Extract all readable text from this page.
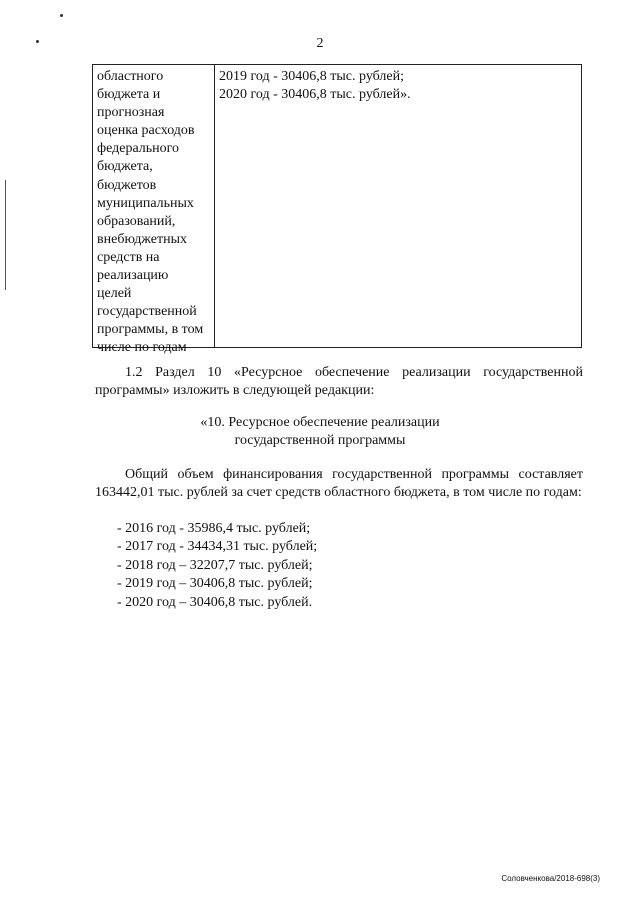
2
областного
бюджета и
прогнозная
оценка расходов
федерального
бюджета,
бюджетов
муниципальных
образований,
внебюджетных
средств на
реализацию
целей
государственной
программы, в том
числе по годам
2019 год - 30406,8 тыс. рублей;
2020 год - 30406,8 тыс. рублей».
1.2 Раздел 10 «Ресурсное обеспечение реализации государственной программы» изложить в следующей редакции:
«10. Ресурсное обеспечение реализации
государственной программы
Общий объем финансирования государственной программы составляет 163442,01 тыс. рублей за счет средств областного бюджета, в том числе по годам:
- 2016 год - 35986,4 тыс. рублей;
- 2017 год - 34434,31 тыс. рублей;
- 2018 год – 32207,7 тыс. рублей;
- 2019 год – 30406,8 тыс. рублей;
- 2020 год – 30406,8 тыс. рублей.
Соловченкова/2018-698(3)
